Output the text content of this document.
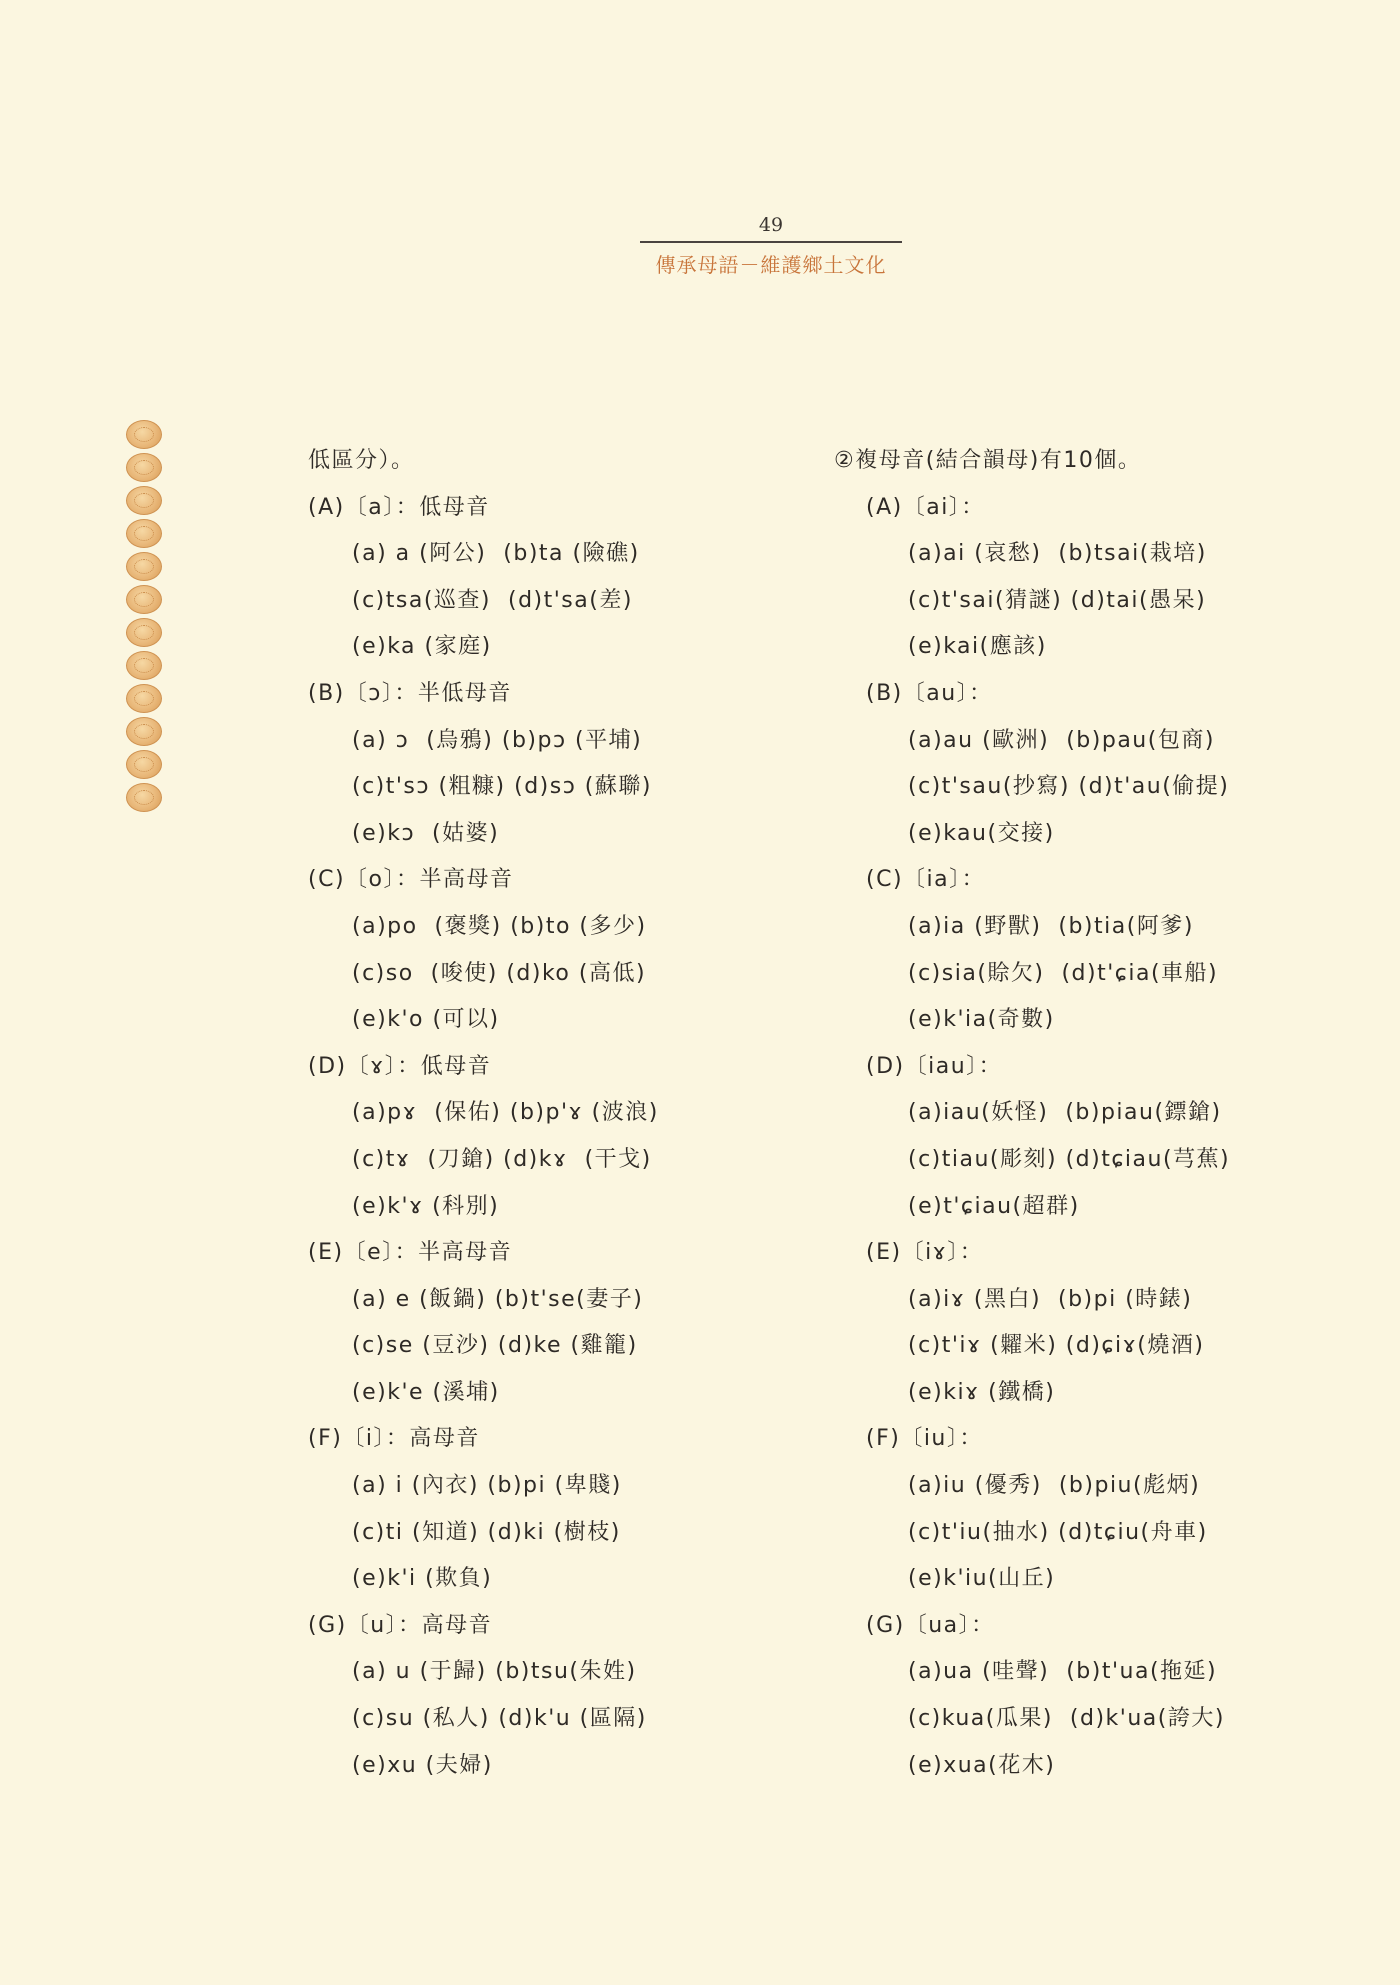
49
傳承母語－維護鄉土文化
低區分）。
(A)〔a〕：低母音
(a) a (阿公)  (b)ta (險礁)
(c)tsa(巡查)  (d)t'sa(差)
(e)ka (家庭)
(B)〔ɔ〕：半低母音
(a) ɔ  (烏鴉) (b)pɔ (平埔)
(c)t'sɔ (粗糠) (d)sɔ (蘇聯)
(e)kɔ  (姑婆)
(C)〔o〕：半高母音
(a)po  (褒獎) (b)to (多少)
(c)so  (唆使) (d)ko (高低)
(e)k'o (可以)
(D)〔ɤ〕：低母音
(a)pɤ  (保佑) (b)p'ɤ (波浪)
(c)tɤ  (刀鎗) (d)kɤ  (干戈)
(e)k'ɤ (科別)
(E)〔e〕：半高母音
(a) e (飯鍋) (b)t'se(妻子)
(c)se (豆沙) (d)ke (雞籠)
(e)k'e (溪埔)
(F)〔i〕：高母音
(a) i (內衣) (b)pi (卑賤)
(c)ti (知道) (d)ki (樹枝)
(e)k'i (欺負)
(G)〔u〕：高母音
(a) u (于歸) (b)tsu(朱姓)
(c)su (私人) (d)k'u (區隔)
(e)xu (夫婦)
②複母音(結合韻母)有10個。
(A)〔ai〕：
(a)ai (哀愁)  (b)tsai(栽培)
(c)t'sai(猜謎) (d)tai(愚呆)
(e)kai(應該)
(B)〔au〕：
(a)au (歐洲)  (b)pau(包商)
(c)t'sau(抄寫) (d)t'au(偷提)
(e)kau(交接)
(C)〔ia〕：
(a)ia (野獸)  (b)tia(阿爹)
(c)sia(賒欠)  (d)t'ɕia(車船)
(e)k'ia(奇數)
(D)〔iau〕：
(a)iau(妖怪)  (b)piau(鏢鎗)
(c)tiau(彫刻) (d)tɕiau(芎蕉)
(e)t'ɕiau(超群)
(E)〔iɤ〕：
(a)iɤ (黑白)  (b)pi (時錶)
(c)t'iɤ (糶米) (d)ɕiɤ(燒酒)
(e)kiɤ (鐵橋)
(F)〔iu〕：
(a)iu (優秀)  (b)piu(彪炳)
(c)t'iu(抽水) (d)tɕiu(舟車)
(e)k'iu(山丘)
(G)〔ua〕：
(a)ua (哇聲)  (b)t'ua(拖延)
(c)kua(瓜果)  (d)k'ua(誇大)
(e)xua(花木)
